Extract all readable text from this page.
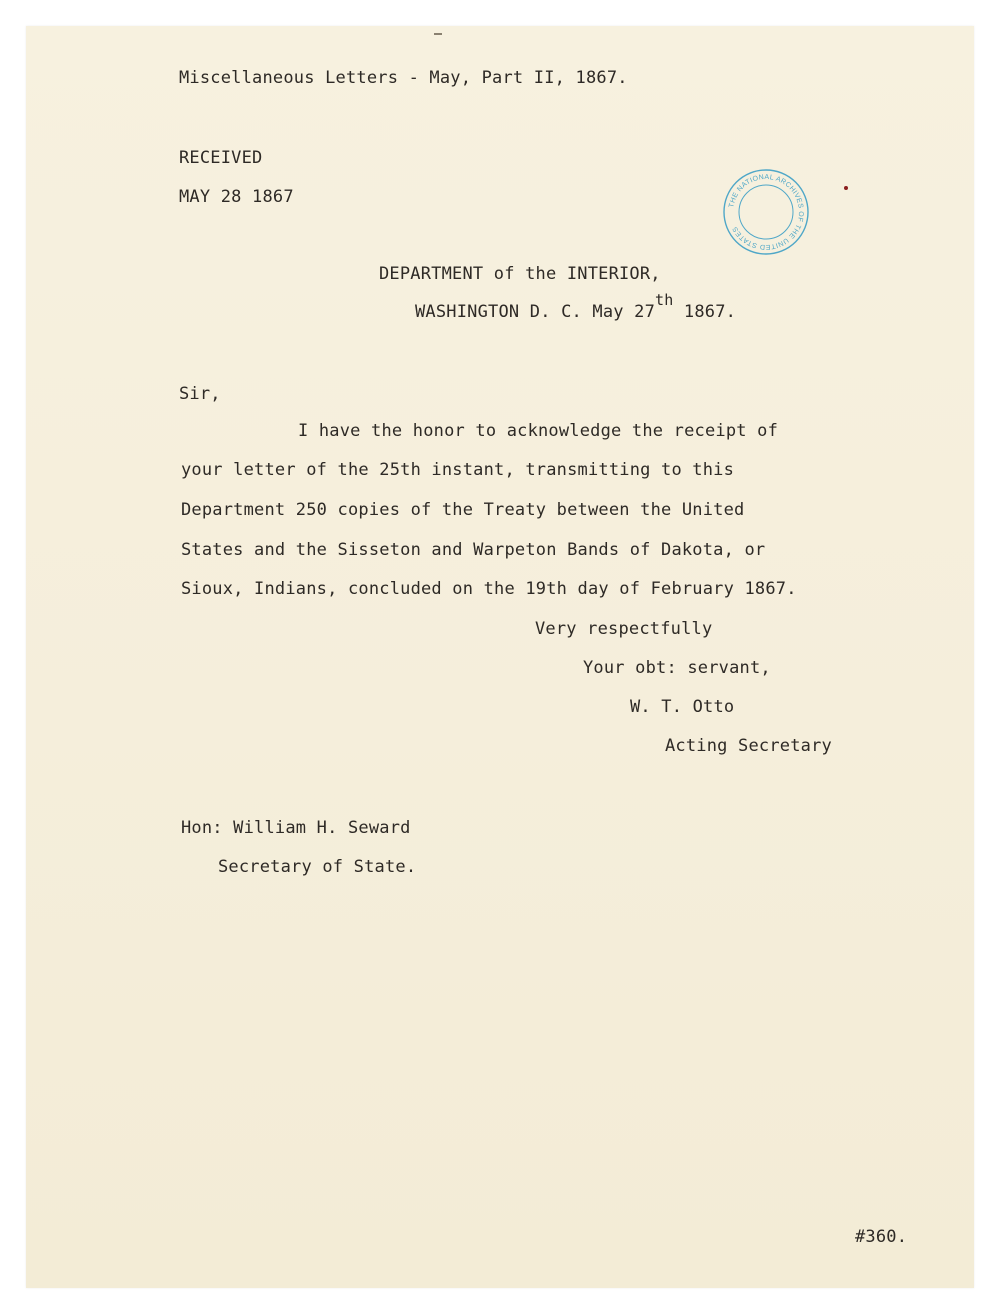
Miscellaneous Letters - May, Part II, 1867.
RECEIVED
MAY 28 1867	THE NATIONAL ARCHIVES OF THE UNITED STATES
DEPARTMENT of the INTERIOR,
WASHINGTON D. C. May 27th 1867.
Sir,
I have the honor to acknowledge the receipt of
your letter of the 25th instant, transmitting to this
Department 250 copies of the Treaty between the United
States and the Sisseton and Warpeton Bands of Dakota, or
Sioux, Indians, concluded on the 19th day of February 1867.
Very respectfully
Your obt: servant,
W. T. Otto
Acting Secretary
Hon: William H. Seward
Secretary of State.
#360.
